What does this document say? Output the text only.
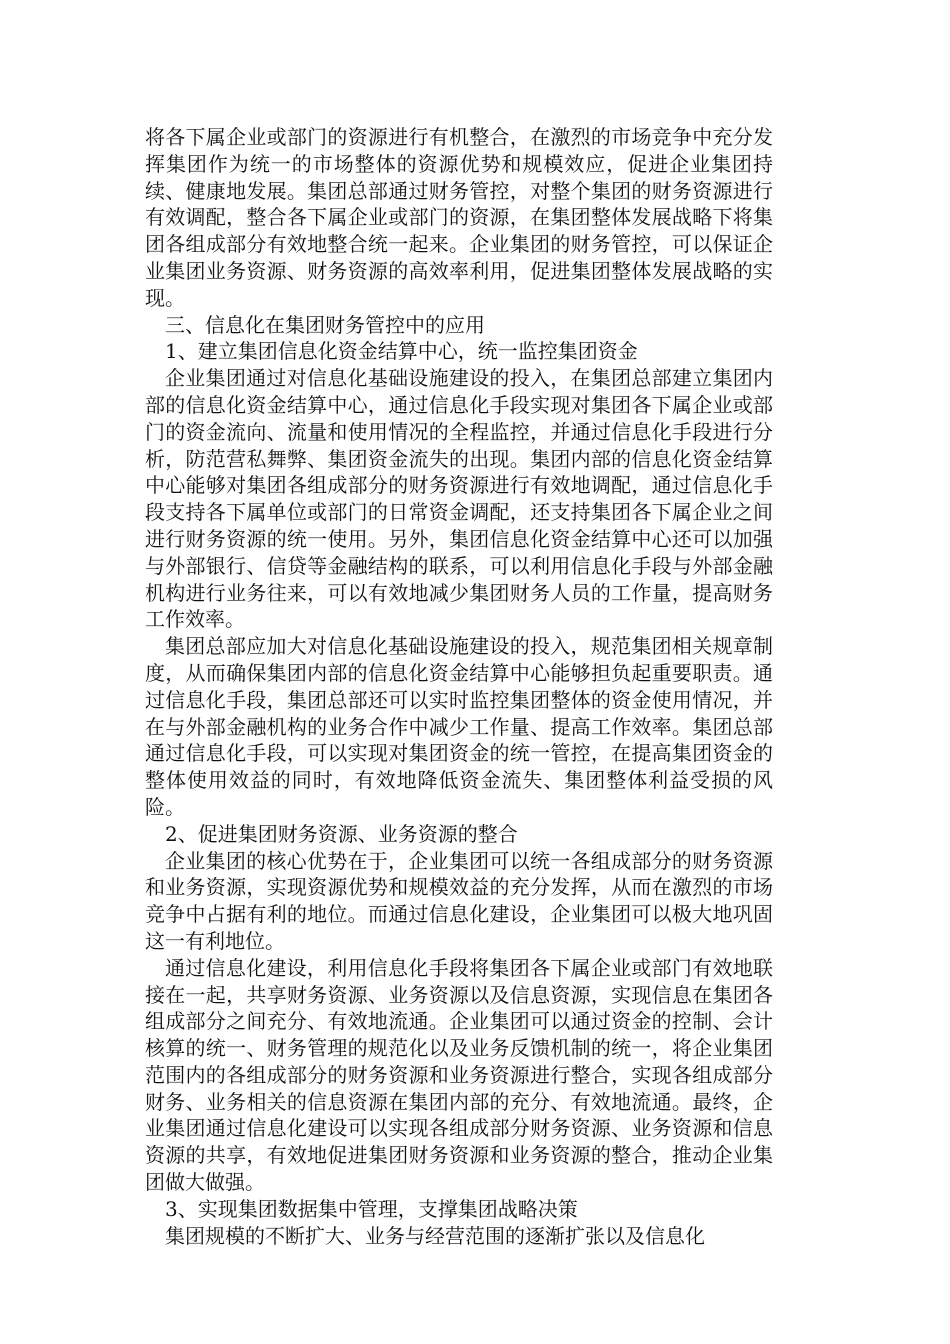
将各下属企业或部门的资源进行有机整合，在激烈的市场竞争中充分发挥集团作为统一的市场整体的资源优势和规模效应，促进企业集团持续、健康地发展。集团总部通过财务管控，对整个集团的财务资源进行有效调配，整合各下属企业或部门的资源，在集团整体发展战略下将集团各组成部分有效地整合统一起来。企业集团的财务管控，可以保证企业集团业务资源、财务资源的高效率利用，促进集团整体发展战略的实现。

三、信息化在集团财务管控中的应用

1、建立集团信息化资金结算中心，统一监控集团资金

企业集团通过对信息化基础设施建设的投入，在集团总部建立集团内部的信息化资金结算中心，通过信息化手段实现对集团各下属企业或部门的资金流向、流量和使用情况的全程监控，并通过信息化手段进行分析，防范营私舞弊、集团资金流失的出现。集团内部的信息化资金结算中心能够对集团各组成部分的财务资源进行有效地调配，通过信息化手段支持各下属单位或部门的日常资金调配，还支持集团各下属企业之间进行财务资源的统一使用。另外，集团信息化资金结算中心还可以加强与外部银行、信贷等金融结构的联系，可以利用信息化手段与外部金融机构进行业务往来，可以有效地减少集团财务人员的工作量，提高财务工作效率。

集团总部应加大对信息化基础设施建设的投入，规范集团相关规章制度，从而确保集团内部的信息化资金结算中心能够担负起重要职责。通过信息化手段，集团总部还可以实时监控集团整体的资金使用情况，并在与外部金融机构的业务合作中减少工作量、提高工作效率。集团总部通过信息化手段，可以实现对集团资金的统一管控，在提高集团资金的整体使用效益的同时，有效地降低资金流失、集团整体利益受损的风险。

2、促进集团财务资源、业务资源的整合

企业集团的核心优势在于，企业集团可以统一各组成部分的财务资源和业务资源，实现资源优势和规模效益的充分发挥，从而在激烈的市场竞争中占据有利的地位。而通过信息化建设，企业集团可以极大地巩固这一有利地位。

通过信息化建设，利用信息化手段将集团各下属企业或部门有效地联接在一起，共享财务资源、业务资源以及信息资源，实现信息在集团各组成部分之间充分、有效地流通。企业集团可以通过资金的控制、会计核算的统一、财务管理的规范化以及业务反馈机制的统一，将企业集团范围内的各组成部分的财务资源和业务资源进行整合，实现各组成部分财务、业务相关的信息资源在集团内部的充分、有效地流通。最终，企业集团通过信息化建设可以实现各组成部分财务资源、业务资源和信息资源的共享，有效地促进集团财务资源和业务资源的整合，推动企业集团做大做强。

3、实现集团数据集中管理，支撑集团战略决策

集团规模的不断扩大、业务与经营范围的逐渐扩张以及信息化
